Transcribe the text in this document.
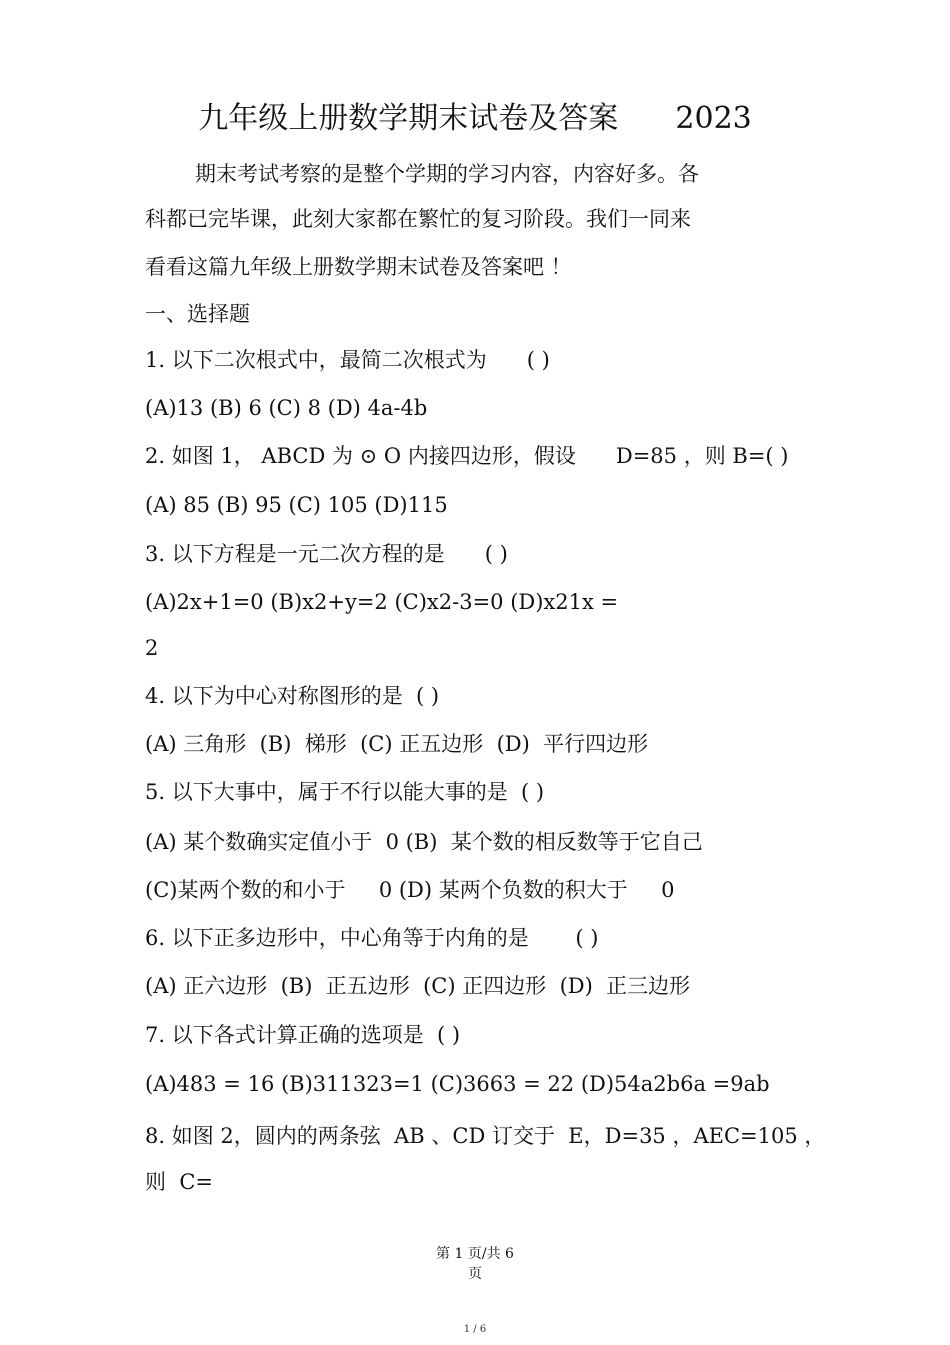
九年级上册数学期末试卷及答案      2023
期末考试考察的是整个学期的学习内容，内容好多。各
科都已完毕课，此刻大家都在繁忙的复习阶段。我们一同来
看看这篇九年级上册数学期末试卷及答案吧 ！
一、选择题
1. 以下二次根式中，最简二次根式为      ( )
(A)13 (B) 6 (C) 8 (D) 4a-4b
2. 如图 1， ABCD 为 ⊙ O 内接四边形，假设      D=85 ，则 B=( )
(A) 85 (B) 95 (C) 105 (D)115
3. 以下方程是一元二次方程的是      ( )
(A)2x+1=0 (B)x2+y=2 (C)x2-3=0 (D)x21x =
2
4. 以下为中心对称图形的是  ( )
(A) 三角形  (B)  梯形  (C) 正五边形  (D)  平行四边形
5. 以下大事中，属于不行以能大事的是  ( )
(A) 某个数确实定值小于  0 (B)  某个数的相反数等于它自己
(C)某两个数的和小于     0 (D) 某两个负数的积大于     0
6. 以下正多边形中，中心角等于内角的是       ( )
(A) 正六边形  (B)  正五边形  (C) 正四边形  (D)  正三边形
7. 以下各式计算正确的选项是  ( )
(A)483 = 16 (B)311323=1 (C)3663 = 22 (D)54a2b6a =9ab
8. 如图 2，圆内的两条弦  AB 、CD 订交于  E，D=35 ，AEC=105 ，
则  C=
第 1 页/共 6
页
1 / 6
